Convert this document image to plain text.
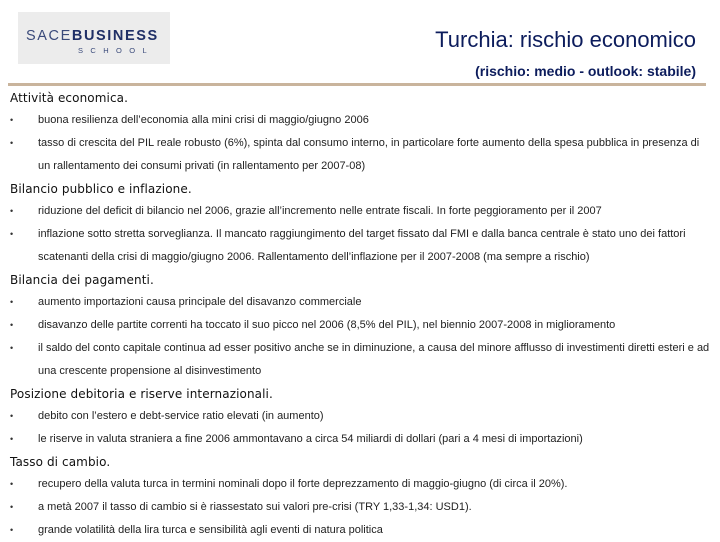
SACEBUSINESS
SCHOOL	Turchia: rischio economico
(rischio: medio - outlook: stabile)
Attività economica.
•	buona resilienza dell’economia alla mini crisi di maggio/giugno 2006
•	tasso di crescita del PIL reale robusto (6%), spinta dal consumo interno, in particolare forte aumento della spesa pubblica in presenza di un rallentamento dei consumi privati (in rallentamento per 2007-08)
Bilancio pubblico e inflazione.
•	riduzione del deficit di bilancio nel 2006, grazie all’incremento nelle entrate fiscali. In forte peggioramento per il 2007
•	inflazione sotto stretta sorveglianza. Il mancato raggiungimento del target fissato dal FMI e dalla banca centrale è stato uno dei fattori scatenanti della crisi di maggio/giugno 2006. Rallentamento dell’inflazione per il 2007-2008 (ma sempre a rischio)
Bilancia dei pagamenti.
•	aumento importazioni causa principale del disavanzo commerciale
•	disavanzo delle partite correnti ha toccato il suo picco nel 2006 (8,5% del PIL), nel biennio 2007-2008 in miglioramento
•	il saldo del conto capitale continua ad esser positivo anche se in diminuzione, a causa del minore afflusso di investimenti diretti esteri e ad una crescente propensione al disinvestimento
Posizione debitoria e riserve internazionali.
•	debito con l’estero e debt-service ratio elevati (in aumento)
•	le riserve in valuta straniera a fine 2006 ammontavano a circa 54 miliardi di dollari (pari a 4 mesi di importazioni)
Tasso di cambio.
•	recupero della valuta turca in termini nominali dopo il forte deprezzamento di maggio-giugno (di circa il 20%).
•	a metà 2007 il tasso di cambio si è riassestato sui valori pre-crisi (TRY 1,33-1,34: USD1).
•	grande volatilità della lira turca e sensibilità agli eventi di natura politica
